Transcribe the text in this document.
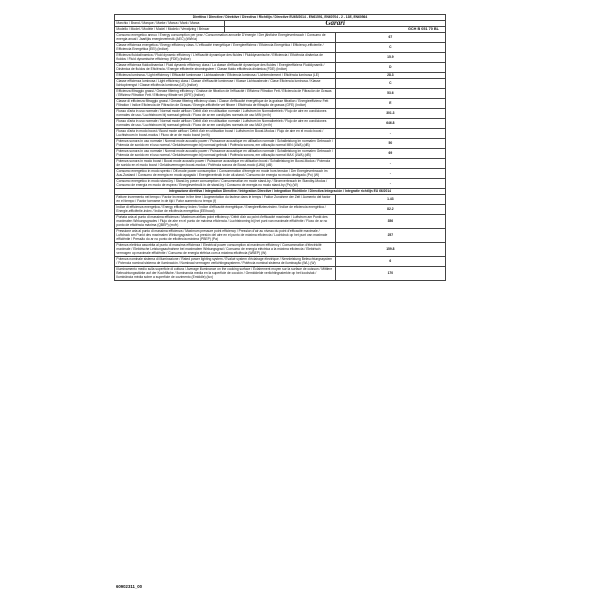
Direttiva / Directive / Direktive / Directiva / Richtlijn / Directive EU65/2014 - EN61591, EN60704 - 2 - 13E, EN60564		
Marchio / Brand / Marque / Marke / Marca / Mark / Marca	Garari	
Modello / Model / Modèle / Model / Modelo / Verwijzing / Brincar	GCH B 051 70 BL	
Consumo energetico annuo / Energy consumption per year / Consommation annuelle D'énergie / Der jährliche Energieverbrauch / Consumo de energia anual / Jaarlijks energieverbruik (AEC) (kWh/a)		67
Classe efficienza energetica / Energy efficiency class / L'efficacité énergétique / Energieeffizienz / Eficiencia Energética / Efficiency-efficientie / Efficiencia Energética (EEI) (Indice)		C
Efficienza fluidodinamica / Fluid dynamic efficiency / L'efficacité dynamique des fluides / Fluiddynamische / Efficiencia / Eficiência dinâmica de fluidos / Fluid dynamische efficiency (FDE) (Indice)		15.9
Classe efficienza fluidodinamica / Fluid dynamic efficiency class / La classe d'efficacité dynamique des fluides / Energieeffizienz Fluiddynamik / Dinâmica de fluidos de Eficiência / Energie efficientie stromingsleer / Classe fluido efficiência dinâmica (FDE) (Indice)		D
Efficienza luminosa / Light efficiency / Efficacité lumineuse / Lichtausbeute / Eficiencia luminosa / Lichtrendement / Eficiência luminosa (LE)		28.3
Classe efficienza luminosa / Light efficiency class / Classe d'efficacité lumineuse / Klasse Lichtausbeute / Clase Eficiencia luminosa / Klasse lichtopbrengst / Classe eficiência luminosa (LE) (Indice)		C
Efficienza filtraggio grassi / Grease filtering efficiency / Graisse de filtration de l'efficacité / Effizienz Filtration Fett / Eficiencia de Filtración de Grasas / Effizienz Filtration Fett / Efficiency filtrate vet (GFE) (Indice)		53.6
Classe di efficienza filtraggio grassi / Grease filtering efficiency class / Classe d'efficacité énergétique de la graisse filtration / Energieeffizienz Fett Filtration / Indice Eficiencia de Filtración de Grasas / Energie-efficiëntie vet filtrare / Eficiência de filtração de grasas (GFE) (Indice)		E
Flusso d'aria in uso normale / Normal mode airflow / Débit d'air en utilisation normale / Luftstrom im Normalbetrieb / Flujo de aire en condiciones normales de uso / Luchtstroom bij normaal gebruik / Fluxo de ar em condições normais de uso MIN (m³/h)		301.3
Flusso d'aria in uso normale / Normal mode airflow / Débit d'air en utilisation normale / Luftstrom im Normalbetrieb / Flujo de aire en condiciones normales de uso / Luchtstroom bij normaal gebruik / Fluxo de ar em condições normais de uso MAX (m³/h)		646.8
Flusso d'aria in modo boost / Boost mode airflow / Débit d'air en utilisation boost / Luftstrom im Boost-Modus / Flujo de aire en el modo boost / Luchtstroom in boost-modus / Fluxo de ar de modo boost (m³/h)		-
Potenza sonora in uso normale / Normal mode acoustic power / Puissance acoustique en utilisation normale / Schalleistung im normalen Gebrauch / Potencia de sonido en el uso normal / Geluidsvermogen bij normaal gebruik / Potência sonora, em utilização normal MIN (LWA) (dB)		50
Potenza sonora in uso normale / Normal mode acoustic power / Puissance acoustique en utilisation normale / Schalleistung im normalen Gebrauch / Potencia de sonido en el uso normal / Geluidsvermogen bij normaal gebruik / Potência sonora, em utilização normal MAX (LWA) (dB)		69
Potenza sonora in modo boost / Boost mode acoustic power / Puissance acoustique en utilisation boost / Schalleistung im Boost-Modus / Potencia de sonido en el modo boost / Geluidsvermogen boost-modus / Potência sonora de Boost-modo (LWA) (dB)		-
Consumo energetico in modo spento / Off-mode power consumption / Consommation d'énergie en mode hors tension / Der Energieverbrauch im Aus-Zustand / Consumo de energía en modo apagado / Energieverbruik in de uit-stand / Consumo de energia no modo desligado (Po) (W)		-
Consumo energetico in modo stand-by / Stand-by power consumption / Consommation en mode stand-by / Stromverbrauch im Standby-Modus / Consumo de energía en modo de espera / Energieverbruik in de stand-by / Consumo de energia no modo stand-by (Ps) (W)		-
Integrazione direttiva / Integration Directive / Intégration Directive / Integration Richtlinie / Directiva Integración / Integratie richtlijn EU 66/2014		
Fattore incremento nel tempo / Factor Increase in the time / Augmentation du facteur dans le temps / Faktor Zunahme der Zeit / Aumento del factor en el tiempo / Factor toename in de tijd / Fator aumento no tempo (f)		1.43
Indice di efficienza energetica / Energy efficiency Index / Indice d'efficacité énergétique / Energieeffizienzindex / Índice de eficiencia energética / Energie-efficiëntie-index / Índice de eficiência energética (EEIhood)		82.2
Portata aria al punto di massima efficienza / Maximum airflow point efficiency / Débit d'air au point d'efficacité maximale / Luftstrom am Punkt des maximalen Wirkungsgrades / Flujo de aire en el punto de máxima eficiencia / Luchtstroming bij het punt van maximale efficiëntie / Fluxo de ar no ponto de eficiência máxima (QBEP) (m³/h)		356
Pressione aria al punto di massima efficienza / Maximum pressure point efficiency / Pression d'air au niveau du point d'efficacité maximale / Luftdruck am Punkt des maximalen Wirkungsgrades / La presión del aire en el punto de máxima eficiencia / Luchtdruk op het punt van maximale efficiëntie / Pressão do ar no ponto de eficiência máxima (PBEP) (Pa)		257
Potenza elettrica assorbita al punto di massima efficienza / Electrical power consumption at maximum efficiency / Consommation d'électricité maximale / Elektrische Leistungsaufnahme bei maximalem Wirkungsgrad / Consumo de energía eléctrica a la máxima eficiencia / Elektrisch vermogen op maximale efficiëntie / Consumo de energia elétrica com a máxima eficiência (WBEP) (W)		159.8
Potenza nominale sistema di illuminazione / Rated power lighting system / Évalué system d'éclairage électrique / Nennleistung Beleuchtungssystem / Potencia nominal sistema de iluminación / Nominaal vermogen verlichtingssysteem / Potência nominal sistema de iluminação (WL) (W)		6
Illuminamento medio sulla superficie di cottura / Average illuminance on the cooking surface / Éclairement moyen sur la surface de cuisson / Mittlere Beleuchtungsstärke auf der Kochfläche / Iluminancia media en la superficie de cocción / Gemiddelde verlichtingssterkte op het kookvlak / Iluminância média sobre a superfície de cozimento (Emiddle) (lux)		170
60902311_00
